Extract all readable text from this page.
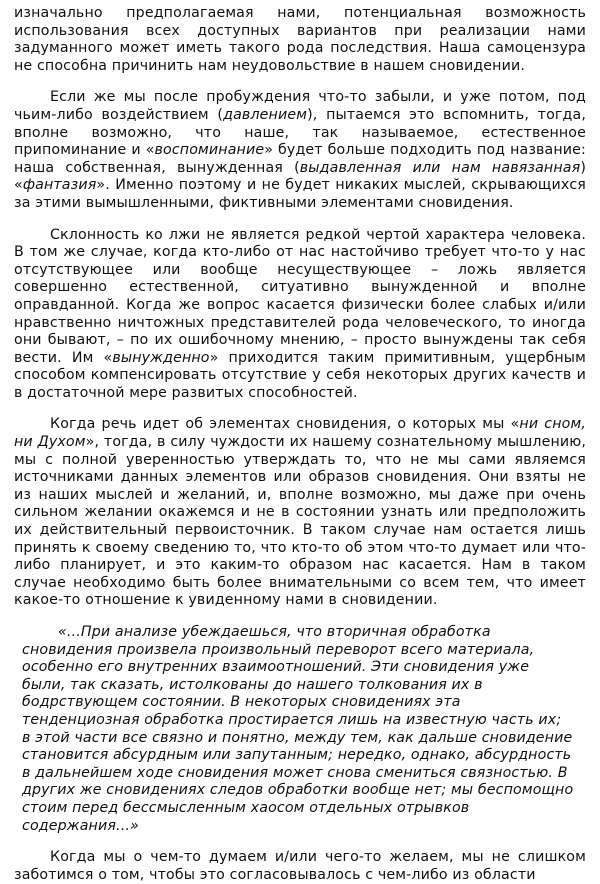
изначально предполагаемая нами, потенциальная возможность использования всех доступных вариантов при реализации нами задуманного может иметь такого рода последствия. Наша самоцензура не способна причинить нам неудовольствие в нашем сновидении.

Если же мы после пробуждения что-то забыли, и уже потом, под чьим-либо воздействием (давлением), пытаемся это вспомнить, тогда, вполне возможно, что наше, так называемое, естественное припоминание и «воспоминание» будет больше подходить под название: наша собственная, вынужденная (выдавленная или нам навязанная) «фантазия». Именно поэтому и не будет никаких мыслей, скрывающихся за этими вымышленными, фиктивными элементами сновидения.

Склонность ко лжи не является редкой чертой характера человека. В том же случае, когда кто-либо от нас настойчиво требует что-то у нас отсутствующее или вообще несуществующее – ложь является совершенно естественной, ситуативно вынужденной и вполне оправданной. Когда же вопрос касается физически более слабых и/или нравственно ничтожных представителей рода человеческого, то иногда они бывают, – по их ошибочному мнению, – просто вынуждены так себя вести. Им «вынужденно» приходится таким примитивным, ущербным способом компенсировать отсутствие у себя некоторых других качеств и в достаточной мере развитых способностей.

Когда речь идет об элементах сновидения, о которых мы «ни сном, ни Духом», тогда, в силу чуждости их нашему сознательному мышлению, мы с полной уверенностью утверждать то, что не мы сами являемся источниками данных элементов или образов сновидения. Они взяты не из наших мыслей и желаний, и, вполне возможно, мы даже при очень сильном желании окажемся и не в состоянии узнать или предположить их действительный первоисточник. В таком случае нам остается лишь принять к своему сведению то, что кто-то об этом что-то думает или что-либо планирует, и это каким-то образом нас касается. Нам в таком случае необходимо быть более внимательными со всем тем, что имеет какое-то отношение к увиденному нами в сновидении.

«...При анализе убеждаешься, что вторичная обработка сновидения произвела произвольный переворот всего материала, особенно его внутренних взаимоотношений. Эти сновидения уже были, так сказать, истолкованы до нашего толкования их в бодрствующем состоянии. В некоторых сновидениях эта тенденциозная обработка простирается лишь на известную часть их; в этой части все связно и понятно, между тем, как дальше сновидение становится абсурдным или запутанным; нередко, однако, абсурдность в дальнейшем ходе сновидения может снова смениться связностью. В других же сновидениях следов обработки вообще нет; мы беспомощно стоим перед бессмысленным хаосом отдельных отрывков содержания...»

Когда мы о чем-то думаем и/или чего-то желаем, мы не слишком заботимся о том, чтобы это согласовывалось с чем-либо из области
